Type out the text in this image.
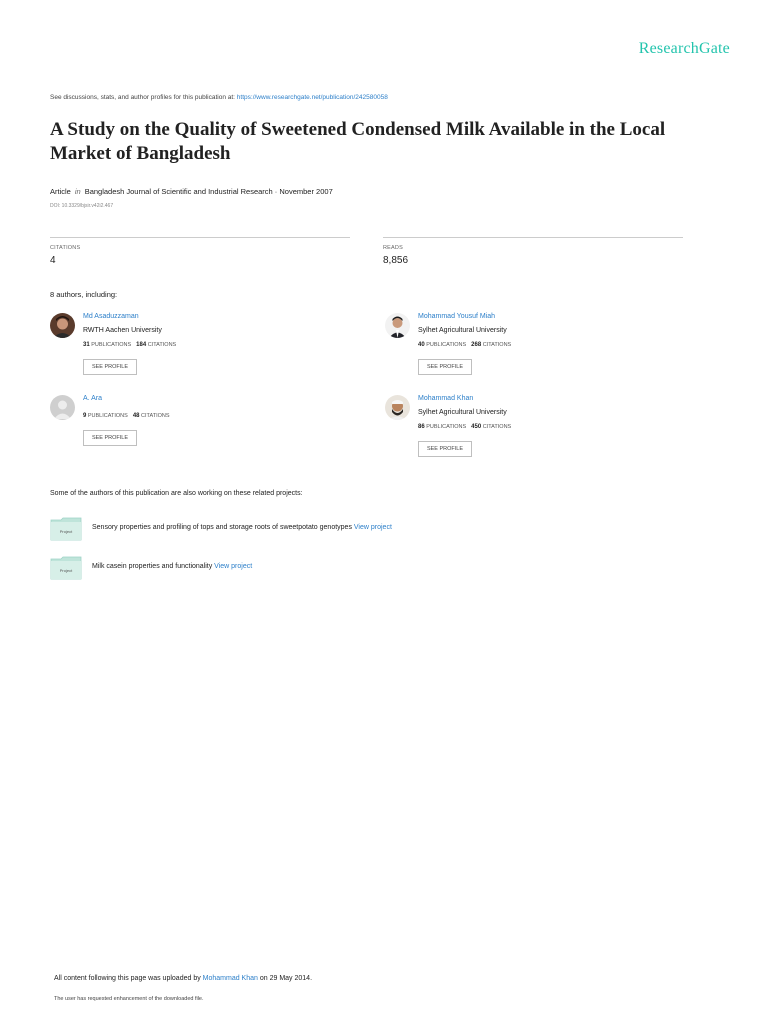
ResearchGate
See discussions, stats, and author profiles for this publication at: https://www.researchgate.net/publication/242580058
A Study on the Quality of Sweetened Condensed Milk Available in the Local Market of Bangladesh
Article in Bangladesh Journal of Scientific and Industrial Research · November 2007
DOI: 10.3329/bjsir.v42i2.467
CITATIONS
4
READS
8,856
8 authors, including:
Md Asaduzzaman
RWTH Aachen University
31 PUBLICATIONS 184 CITATIONS
SEE PROFILE
Mohammad Yousuf Miah
Sylhet Agricultural University
40 PUBLICATIONS 268 CITATIONS
SEE PROFILE
A. Ara
9 PUBLICATIONS 48 CITATIONS
SEE PROFILE
Mohammad Khan
Sylhet Agricultural University
86 PUBLICATIONS 450 CITATIONS
SEE PROFILE
Some of the authors of this publication are also working on these related projects:
Project
Sensory properties and profiling of tops and storage roots of sweetpotato genotypes View project
Project
Milk casein properties and functionality View project
All content following this page was uploaded by Mohammad Khan on 29 May 2014.
The user has requested enhancement of the downloaded file.
